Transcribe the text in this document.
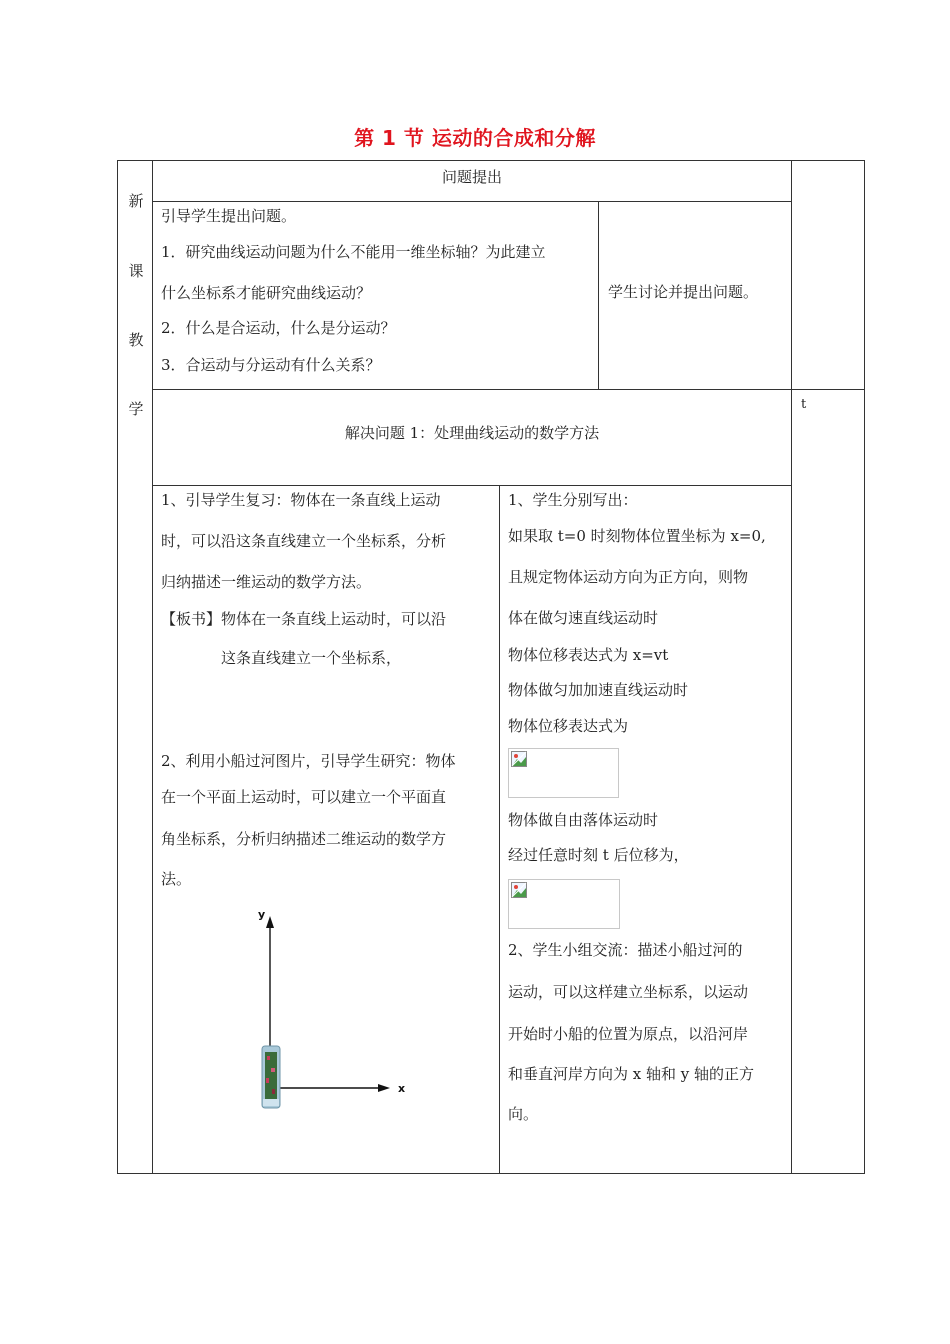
第 1 节 运动的合成和分解
新
课
教
学
问题提出
引导学生提出问题。
1．研究曲线运动问题为什么不能用一维坐标轴？为此建立
什么坐标系才能研究曲线运动？
2．什么是合运动，什么是分运动？
3．合运动与分运动有什么关系？
学生讨论并提出问题。
t
解决问题 1：处理曲线运动的数学方法
1、引导学生复习：物体在一条直线上运动
时，可以沿这条直线建立一个坐标系，分析
归纳描述一维运动的数学方法。
【板书】物体在一条直线上运动时，可以沿
这条直线建立一个坐标系，
2、利用小船过河图片，引导学生研究：物体
在一个平面上运动时，可以建立一个平面直
角坐标系，分析归纳描述二维运动的数学方
法。
y
x
1、学生分别写出：
如果取 t=0 时刻物体位置坐标为 x=0,
且规定物体运动方向为正方向，则物
体在做匀速直线运动时
物体位移表达式为 x=vt
物体做匀加加速直线运动时
物体位移表达式为
物体做自由落体运动时
经过任意时刻 t 后位移为，
2、学生小组交流：描述小船过河的
运动，可以这样建立坐标系，以运动
开始时小船的位置为原点，以沿河岸
和垂直河岸方向为 x 轴和 y 轴的正方
向。
